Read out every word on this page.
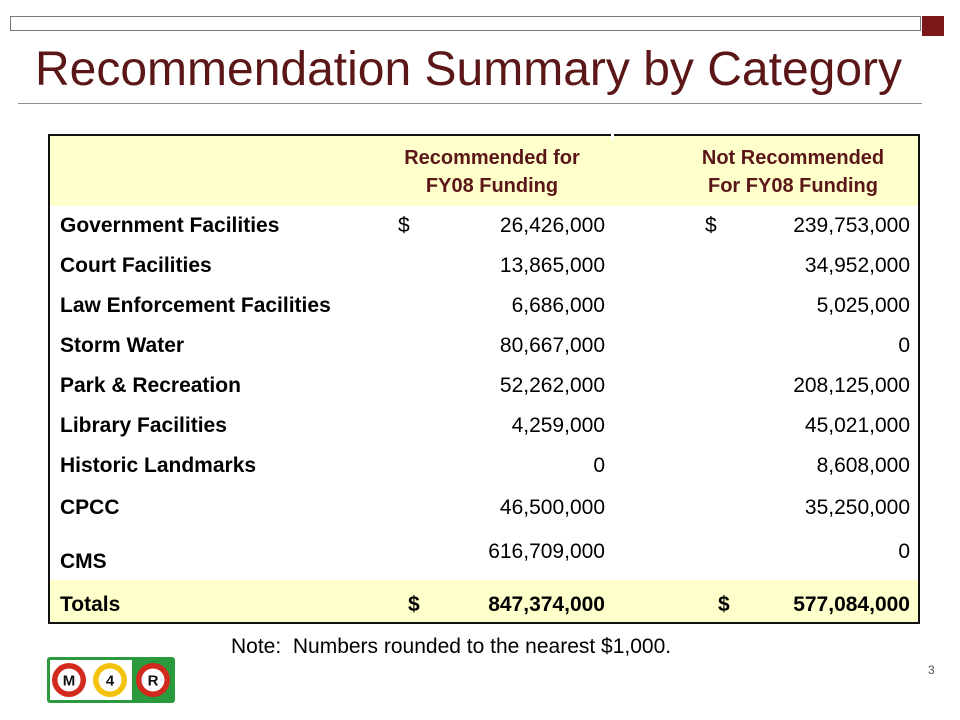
Recommendation Summary by Category
Recommended for
FY08 Funding
Not Recommended
For FY08 Funding
Government Facilities	$	26,426,000	$	239,753,000
Court Facilities	13,865,000	34,952,000
Law Enforcement Facilities	6,686,000	5,025,000
Storm Water	80,667,000	0
Park & Recreation	52,262,000	208,125,000
Library Facilities	4,259,000	45,021,000
Historic Landmarks	0	8,608,000
CPCC	46,500,000	35,250,000
CMS	616,709,000	0
Totals	$	847,374,000	$	577,084,000
Note:  Numbers rounded to the nearest $1,000.
M 4 R
3
